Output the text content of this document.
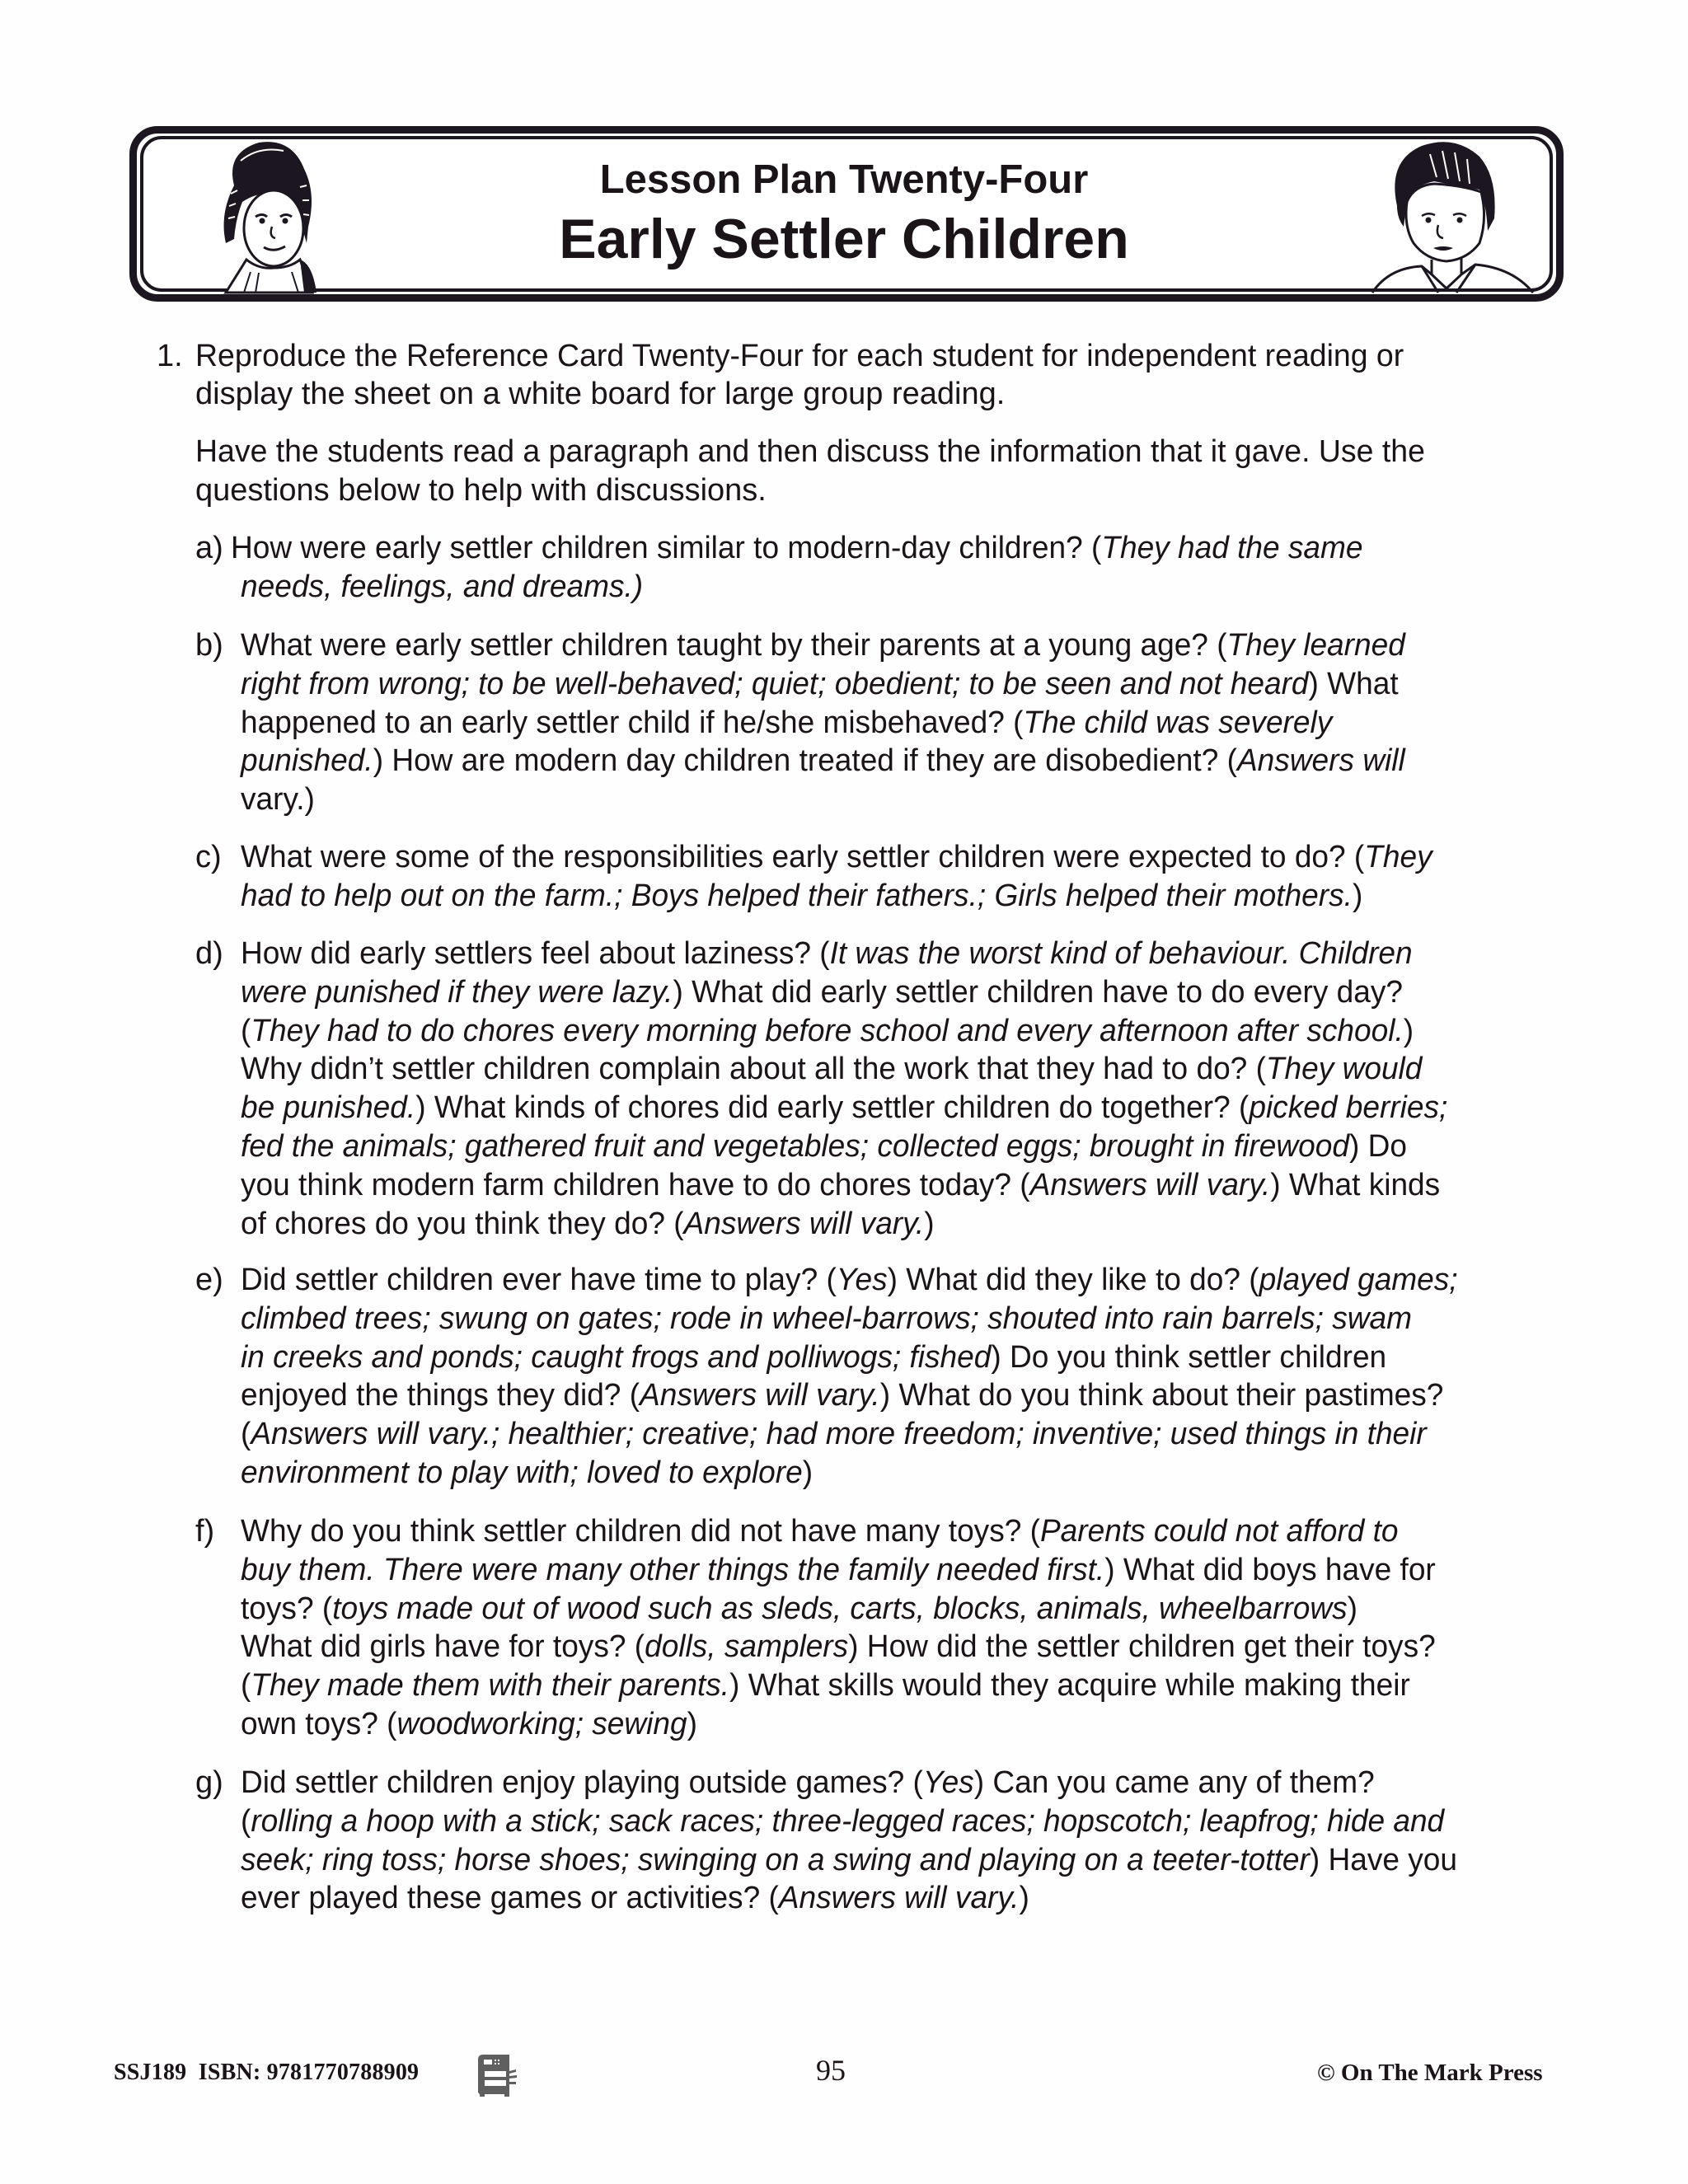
Lesson Plan Twenty-Four
Early Settler Children
1. Reproduce the Reference Card Twenty-Four for each student for independent reading or
display the sheet on a white board for large group reading.
Have the students read a paragraph and then discuss the information that it gave. Use the
questions below to help with discussions.
a) How were early settler children similar to modern-day children? (They had the same
needs, feelings, and dreams.)
b) What were early settler children taught by their parents at a young age? (They learned
right from wrong; to be well-behaved; quiet; obedient; to be seen and not heard) What
happened to an early settler child if he/she misbehaved? (The child was severely
punished.) How are modern day children treated if they are disobedient? (Answers will
vary.)
c) What were some of the responsibilities early settler children were expected to do? (They
had to help out on the farm.; Boys helped their fathers.; Girls helped their mothers.)
d) How did early settlers feel about laziness? (It was the worst kind of behaviour. Children
were punished if they were lazy.) What did early settler children have to do every day?
(They had to do chores every morning before school and every afternoon after school.)
Why didn’t settler children complain about all the work that they had to do? (They would
be punished.) What kinds of chores did early settler children do together? (picked berries;
fed the animals; gathered fruit and vegetables; collected eggs; brought in firewood) Do
you think modern farm children have to do chores today? (Answers will vary.) What kinds
of chores do you think they do? (Answers will vary.)
e) Did settler children ever have time to play? (Yes) What did they like to do? (played games;
climbed trees; swung on gates; rode in wheel-barrows; shouted into rain barrels; swam
in creeks and ponds; caught frogs and polliwogs; fished) Do you think settler children
enjoyed the things they did? (Answers will vary.) What do you think about their pastimes?
(Answers will vary.; healthier; creative; had more freedom; inventive; used things in their
environment to play with; loved to explore)
f) Why do you think settler children did not have many toys? (Parents could not afford to
buy them. There were many other things the family needed first.) What did boys have for
toys? (toys made out of wood such as sleds, carts, blocks, animals, wheelbarrows)
What did girls have for toys? (dolls, samplers) How did the settler children get their toys?
(They made them with their parents.) What skills would they acquire while making their
own toys? (woodworking; sewing)
g) Did settler children enjoy playing outside games? (Yes) Can you came any of them?
(rolling a hoop with a stick; sack races; three-legged races; hopscotch; leapfrog; hide and
seek; ring toss; horse shoes; swinging on a swing and playing on a teeter-totter) Have you
ever played these games or activities? (Answers will vary.)
SSJ189 ISBN: 9781770788909	95	© On The Mark Press
